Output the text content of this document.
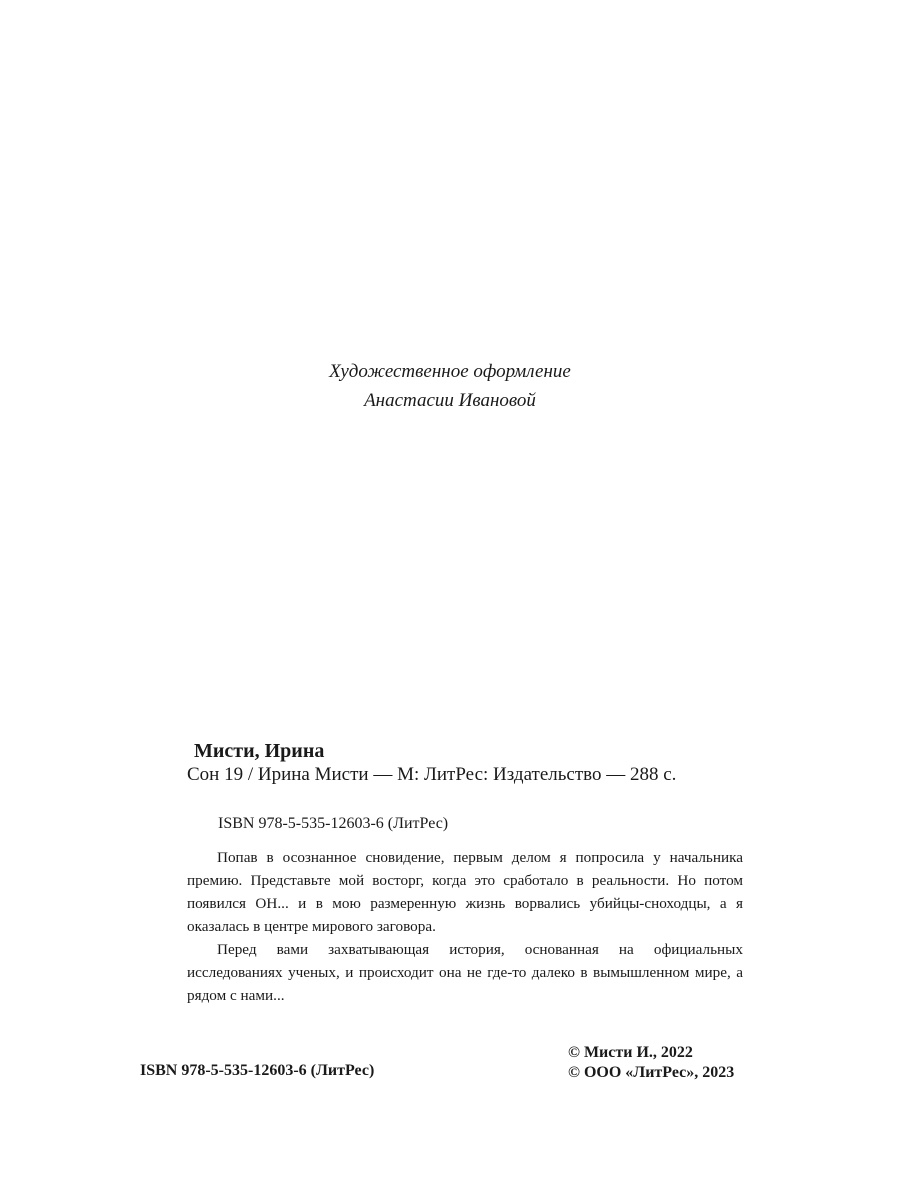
Художественное оформление
Анастасии Ивановой
Мисти, Ирина
Сон 19 / Ирина Мисти — М: ЛитРес: Издательство — 288 с.
ISBN 978-5-535-12603-6 (ЛитРес)

Попав в осознанное сновидение, первым делом я попросила у начальника премию. Представьте мой восторг, когда это сработало в реальности. Но потом появился ОН... и в мою размеренную жизнь ворвались убийцы-сноходцы, а я оказалась в центре мирового заговора.

Перед вами захватывающая история, основанная на официальных исследованиях ученых, и происходит она не где-то далеко в вымышленном мире, а рядом с нами...

ISBN 978-5-535-12603-6 (ЛитРес)
© Мисти И., 2022
© ООО «ЛитРес», 2023
